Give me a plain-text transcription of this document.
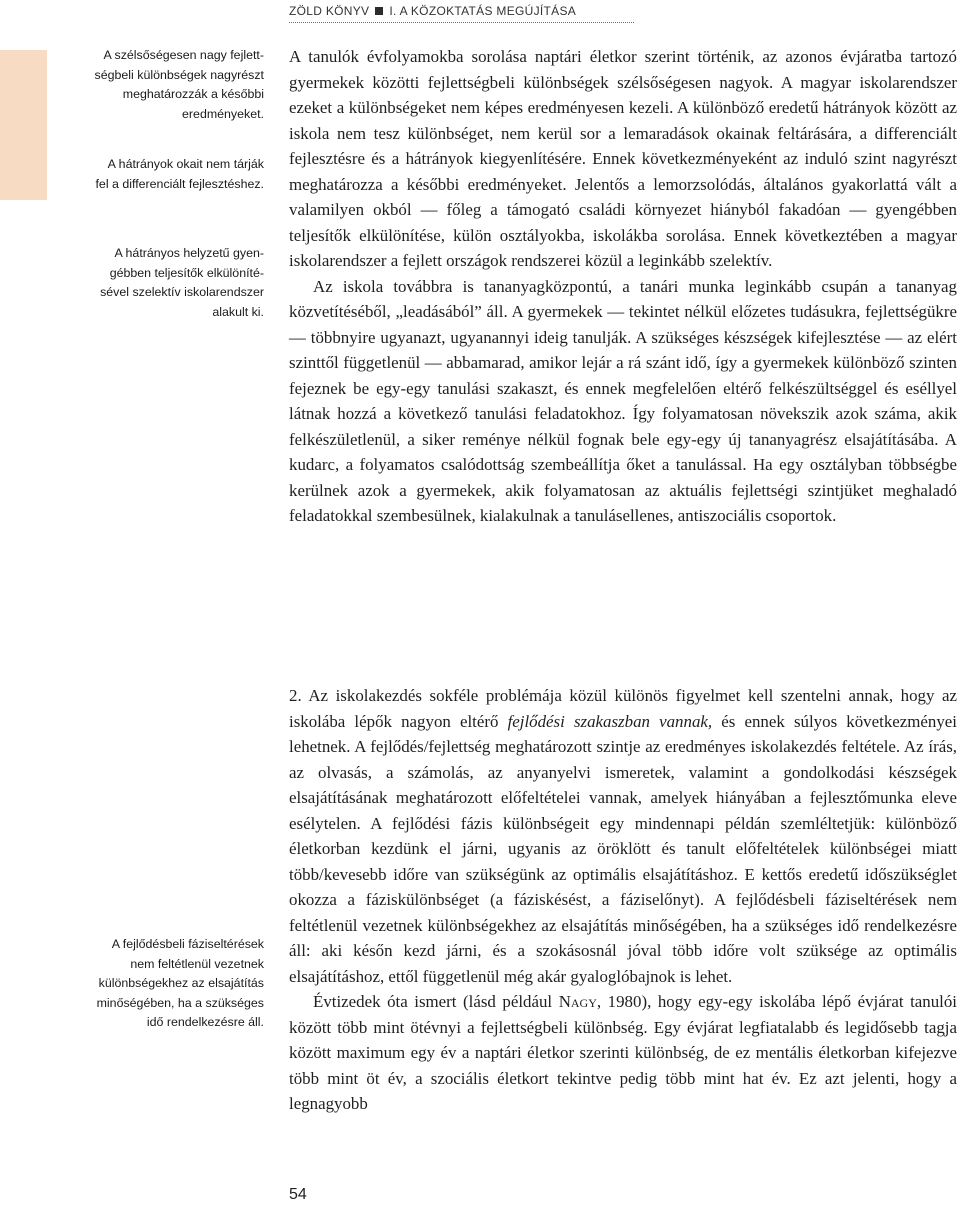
ZÖLD KÖNYV I. A KÖZOKTATÁS MEGÚJÍTÁSA
A szélsőségesen nagy fejlettségbeli különbségek nagyrészt meghatározzák a későbbi eredményeket.
A hátrányok okait nem tárják fel a differenciált fejlesztéshez.
A hátrányos helyzetű gyengébben teljesítők elkülönítésével szelektív iskolarendszer alakult ki.
A fejlődésbeli fáziseltérések nem feltétlenül vezetnek különbségekhez az elsajátítás minőségében, ha a szükséges idő rendelkezésre áll.

A tanulók évfolyamokba sorolása naptári életkor szerint történik, az azonos évjáratba tartozó gyermekek közötti fejlettségbeli különbségek szélsőségesen nagyok. A magyar iskolarendszer ezeket a különbségeket nem képes eredményesen kezeli. A különböző eredetű hátrányok között az iskola nem tesz különbséget, nem kerül sor a lemaradások okainak feltárására, a differenciált fejlesztésre és a hátrányok kiegyenlítésére. Ennek következményeként az induló szint nagyrészt meghatározza a későbbi eredményeket. Jelentős a lemorzsolódás, általános gyakorlattá vált a valamilyen okból — főleg a támogató családi környezet hiányból fakadóan — gyengébben teljesítők elkülönítése, külön osztályokba, iskolákba sorolása. Ennek következtében a magyar iskolarendszer a fejlett országok rendszerei közül a leginkább szelektív.

Az iskola továbbra is tananyagközpontú, a tanári munka leginkább csupán a tananyag közvetítéséből, „leadásából” áll. A gyermekek — tekintet nélkül előzetes tudásukra, fejlettségükre — többnyire ugyanazt, ugyanannyi ideig tanulják. A szükséges készségek kifejlesztése — az elért szinttől függetlenül — abbamarad, amikor lejár a rá szánt idő, így a gyermekek különböző szinten fejeznek be egy-egy tanulási szakaszt, és ennek megfelelően eltérő felkészültséggel és eséllyel látnak hozzá a következő tanulási feladatokhoz. Így folyamatosan növekszik azok száma, akik felkészületlenül, a siker reménye nélkül fognak bele egy-egy új tananyagrész elsajátításába. A kudarc, a folyamatos csalódottság szembeállítja őket a tanulással. Ha egy osztályban többségbe kerülnek azok a gyermekek, akik folyamatosan az aktuális fejlettségi szintjüket meghaladó feladatokkal szembesülnek, kialakulnak a tanulásellenes, antiszociális csoportok.

2. Az iskolakezdés sokféle problémája közül különös figyelmet kell szentelni annak, hogy az iskolába lépők nagyon eltérő fejlődési szakaszban vannak, és ennek súlyos következményei lehetnek. A fejlődés/fejlettség meghatározott szintje az eredményes iskolakezdés feltétele. Az írás, az olvasás, a számolás, az anyanyelvi ismeretek, valamint a gondolkodási készségek elsajátításának meghatározott előfeltételei vannak, amelyek hiányában a fejlesztőmunka eleve esélytelen. A fejlődési fázis különbségeit egy mindennapi példán szemléltetjük: különböző életkorban kezdünk el járni, ugyanis az öröklött és tanult előfeltételek különbségei miatt több/kevesebb időre van szükségünk az optimális elsajátításhoz. E kettős eredetű időszükséglet okozza a fáziskülönbséget (a fáziskésést, a fáziselőnyt). A fejlődésbeli fáziseltérések nem feltétlenül vezetnek különbségekhez az elsajátítás minőségében, ha a szükséges idő rendelkezésre áll: aki későn kezd járni, és a szokásosnál jóval több időre volt szüksége az optimális elsajátításhoz, ettől függetlenül még akár gyaloglóbajnok is lehet.

Évtizedek óta ismert (lásd például Nagy, 1980), hogy egy-egy iskolába lépő évjárat tanulói között több mint ötévnyi a fejlettségbeli különbség. Egy évjárat legfiatalabb és legidősebb tagja között maximum egy év a naptári életkor szerinti különbség, de ez mentális életkorban kifejezve több mint öt év, a szociális életkort tekintve pedig több mint hat év. Ez azt jelenti, hogy a legnagyobb

54
